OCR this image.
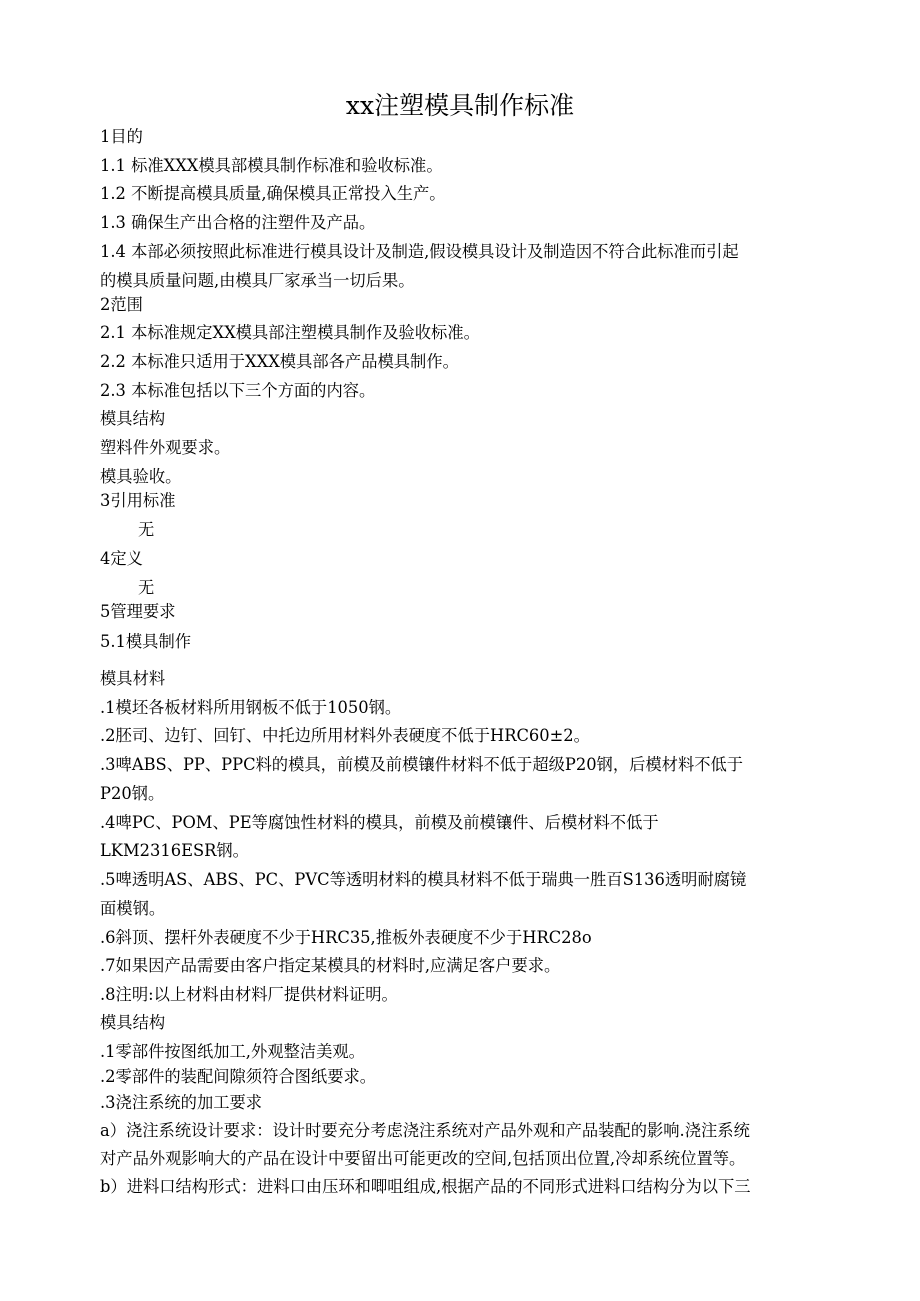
xx注塑模具制作标准
1目的
1.1 标准XXX模具部模具制作标准和验收标准。
1.2 不断提高模具质量,确保模具正常投入生产。
1.3 确保生产出合格的注塑件及产品。
1.4 本部必须按照此标准进行模具设计及制造,假设模具设计及制造因不符合此标准而引起
的模具质量问题,由模具厂家承当一切后果。
2范围
2.1 本标准规定XX模具部注塑模具制作及验收标准。
2.2 本标准只适用于XXX模具部各产品模具制作。
2.3 本标准包括以下三个方面的内容。
模具结构
塑料件外观要求。
模具验收。
3引用标准
无
4定义
无
5管理要求
5.1模具制作
模具材料
.1模坯各板材料所用钢板不低于1050钢。
.2胚司、边钉、回钉、中托边所用材料外表硬度不低于HRC60±2。
.3啤ABS、PP、PPC料的模具，前模及前模镶件材料不低于超级P20钢，后模材料不低于
P20钢。
.4啤PC、POM、PE等腐蚀性材料的模具，前模及前模镶件、后模材料不低于
LKM2316ESR钢。
.5啤透明AS、ABS、PC、PVC等透明材料的模具材料不低于瑞典一胜百S136透明耐腐镜
面模钢。
.6斜顶、摆杆外表硬度不少于HRC35,推板外表硬度不少于HRC28o
.7如果因产品需要由客户指定某模具的材料时,应满足客户要求。
.8注明:以上材料由材料厂提供材料证明。
模具结构
.1零部件按图纸加工,外观整洁美观。
.2零部件的装配间隙须符合图纸要求。
.3浇注系统的加工要求
a）浇注系统设计要求：设计时要充分考虑浇注系统对产品外观和产品装配的影响.浇注系统
对产品外观影响大的产品在设计中要留出可能更改的空间,包括顶出位置,冷却系统位置等。
b）进料口结构形式：进料口由压环和唧咀组成,根据产品的不同形式进料口结构分为以下三
